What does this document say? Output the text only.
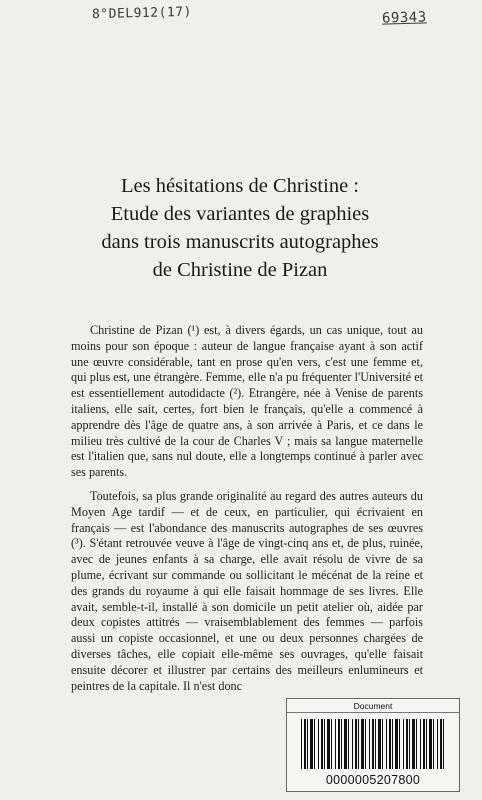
8°DEL912(17)	69343
Les hésitations de Christine :
Etude des variantes de graphies
dans trois manuscrits autographes
de Christine de Pizan

Christine de Pizan (¹) est, à divers égards, un cas unique, tout au moins pour son époque : auteur de langue française ayant à son actif une œuvre considérable, tant en prose qu'en vers, c'est une femme et, qui plus est, une étrangère. Femme, elle n'a pu fréquenter l'Université et est essentiellement autodidacte (²). Etrangère, née à Venise de parents italiens, elle sait, certes, fort bien le français, qu'elle a commencé à apprendre dès l'âge de quatre ans, à son arrivée à Paris, et ce dans le milieu très cultivé de la cour de Charles V ; mais sa langue maternelle est l'italien que, sans nul doute, elle a longtemps continué à parler avec ses parents.

Toutefois, sa plus grande originalité au regard des autres auteurs du Moyen Age tardif — et de ceux, en particulier, qui écrivaient en français — est l'abondance des manuscrits autographes de ses œuvres (³). S'étant retrouvée veuve à l'âge de vingt-cinq ans et, de plus, ruinée, avec de jeunes enfants à sa charge, elle avait résolu de vivre de sa plume, écrivant sur commande ou sollicitant le mécénat de la reine et des grands du royaume à qui elle faisait hommage de ses livres. Elle avait, semble-t-il, installé à son domicile un petit atelier où, aidée par deux copistes attitrés — vraisemblablement des femmes — parfois aussi un copiste occasionnel, et une ou deux personnes chargées de diverses tâches, elle copiait elle-même ses ouvrages, qu'elle faisait ensuite décorer et illustrer par certains des meilleurs enlumineurs et peintres de la capitale. Il n'est donc

Document
0000005207800
